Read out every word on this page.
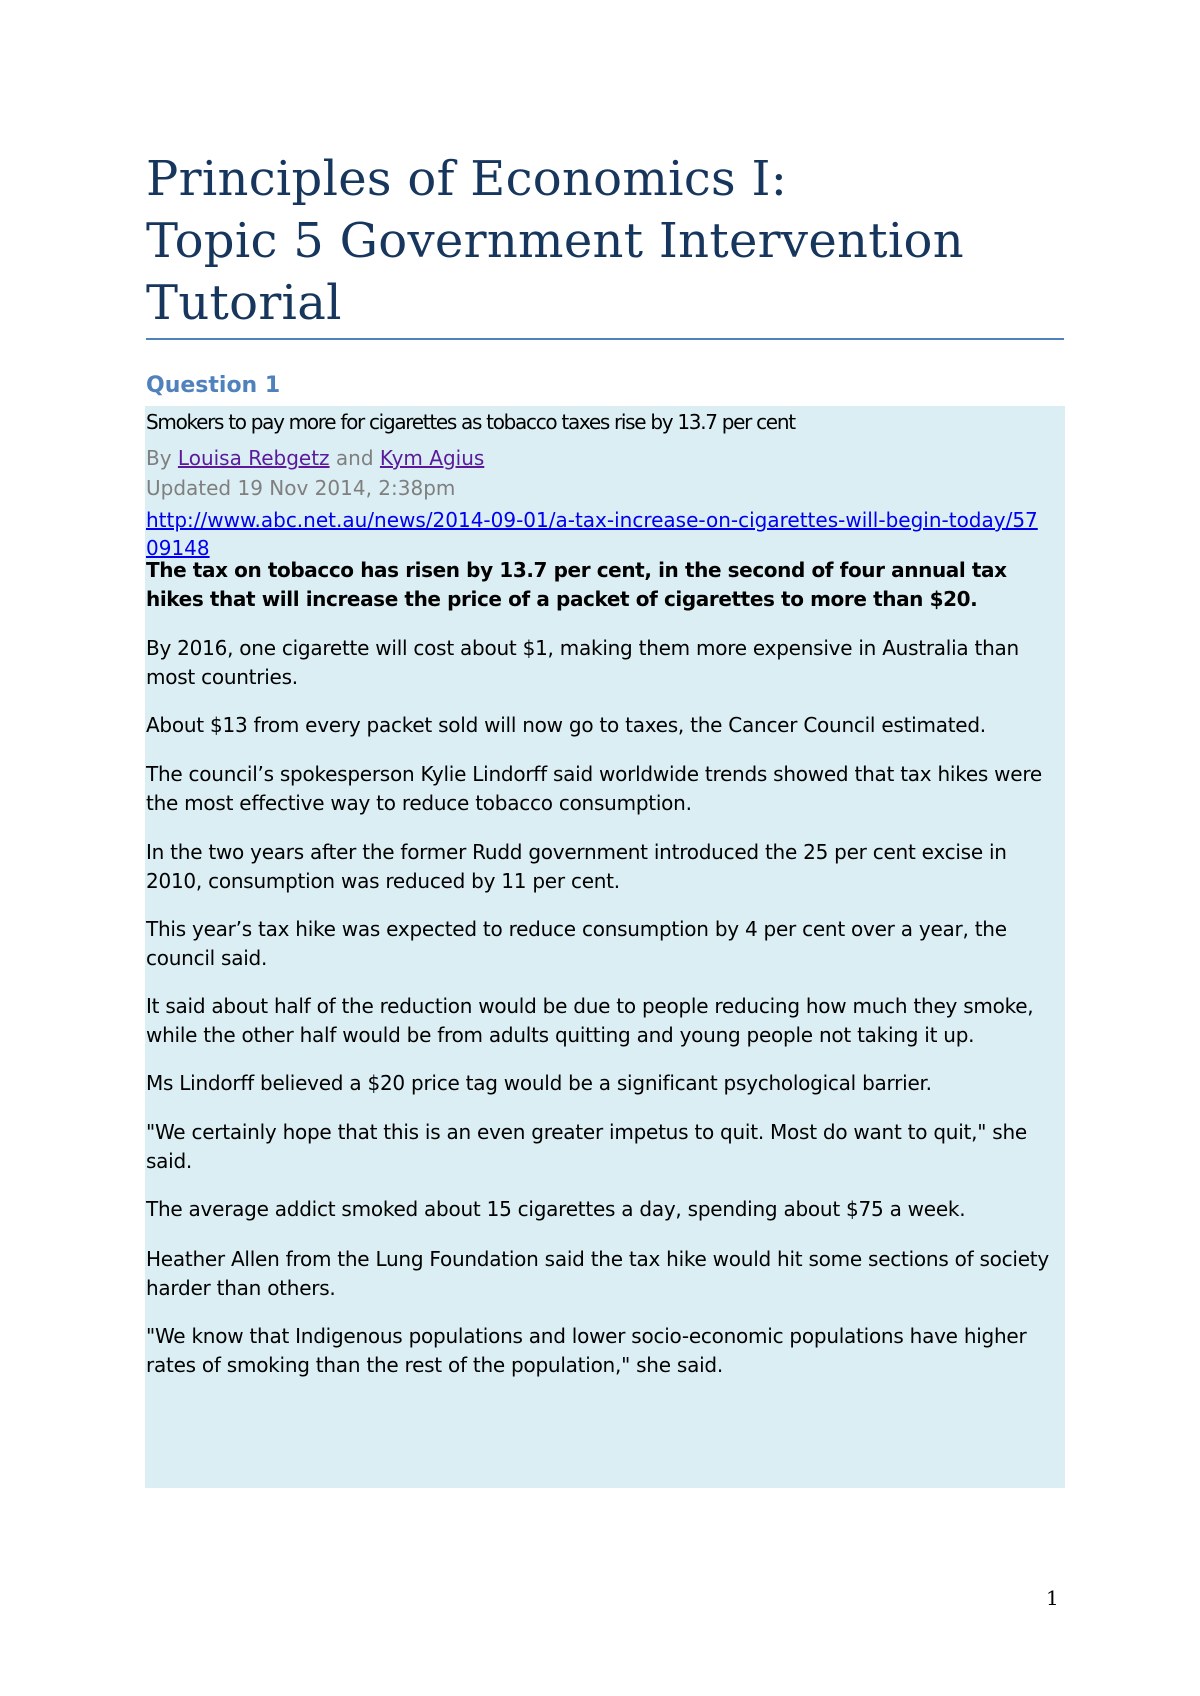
Principles of Economics I:
Topic 5 Government Intervention
Tutorial
Question 1
Smokers to pay more for cigarettes as tobacco taxes rise by 13.7 per cent
By Louisa Rebgetz and Kym Agius
Updated 19 Nov 2014, 2:38pm
http://www.abc.net.au/news/2014-09-01/a-tax-increase-on-cigarettes-will-begin-today/5709148
The tax on tobacco has risen by 13.7 per cent, in the second of four annual tax hikes that will increase the price of a packet of cigarettes to more than $20.
By 2016, one cigarette will cost about $1, making them more expensive in Australia than most countries.
About $13 from every packet sold will now go to taxes, the Cancer Council estimated.
The council’s spokesperson Kylie Lindorff said worldwide trends showed that tax hikes were the most effective way to reduce tobacco consumption.
In the two years after the former Rudd government introduced the 25 per cent excise in 2010, consumption was reduced by 11 per cent.
This year’s tax hike was expected to reduce consumption by 4 per cent over a year, the council said.
It said about half of the reduction would be due to people reducing how much they smoke, while the other half would be from adults quitting and young people not taking it up.
Ms Lindorff believed a $20 price tag would be a significant psychological barrier.
"We certainly hope that this is an even greater impetus to quit. Most do want to quit," she said.
The average addict smoked about 15 cigarettes a day, spending about $75 a week.
Heather Allen from the Lung Foundation said the tax hike would hit some sections of society harder than others.
"We know that Indigenous populations and lower socio-economic populations have higher rates of smoking than the rest of the population," she said.
1
